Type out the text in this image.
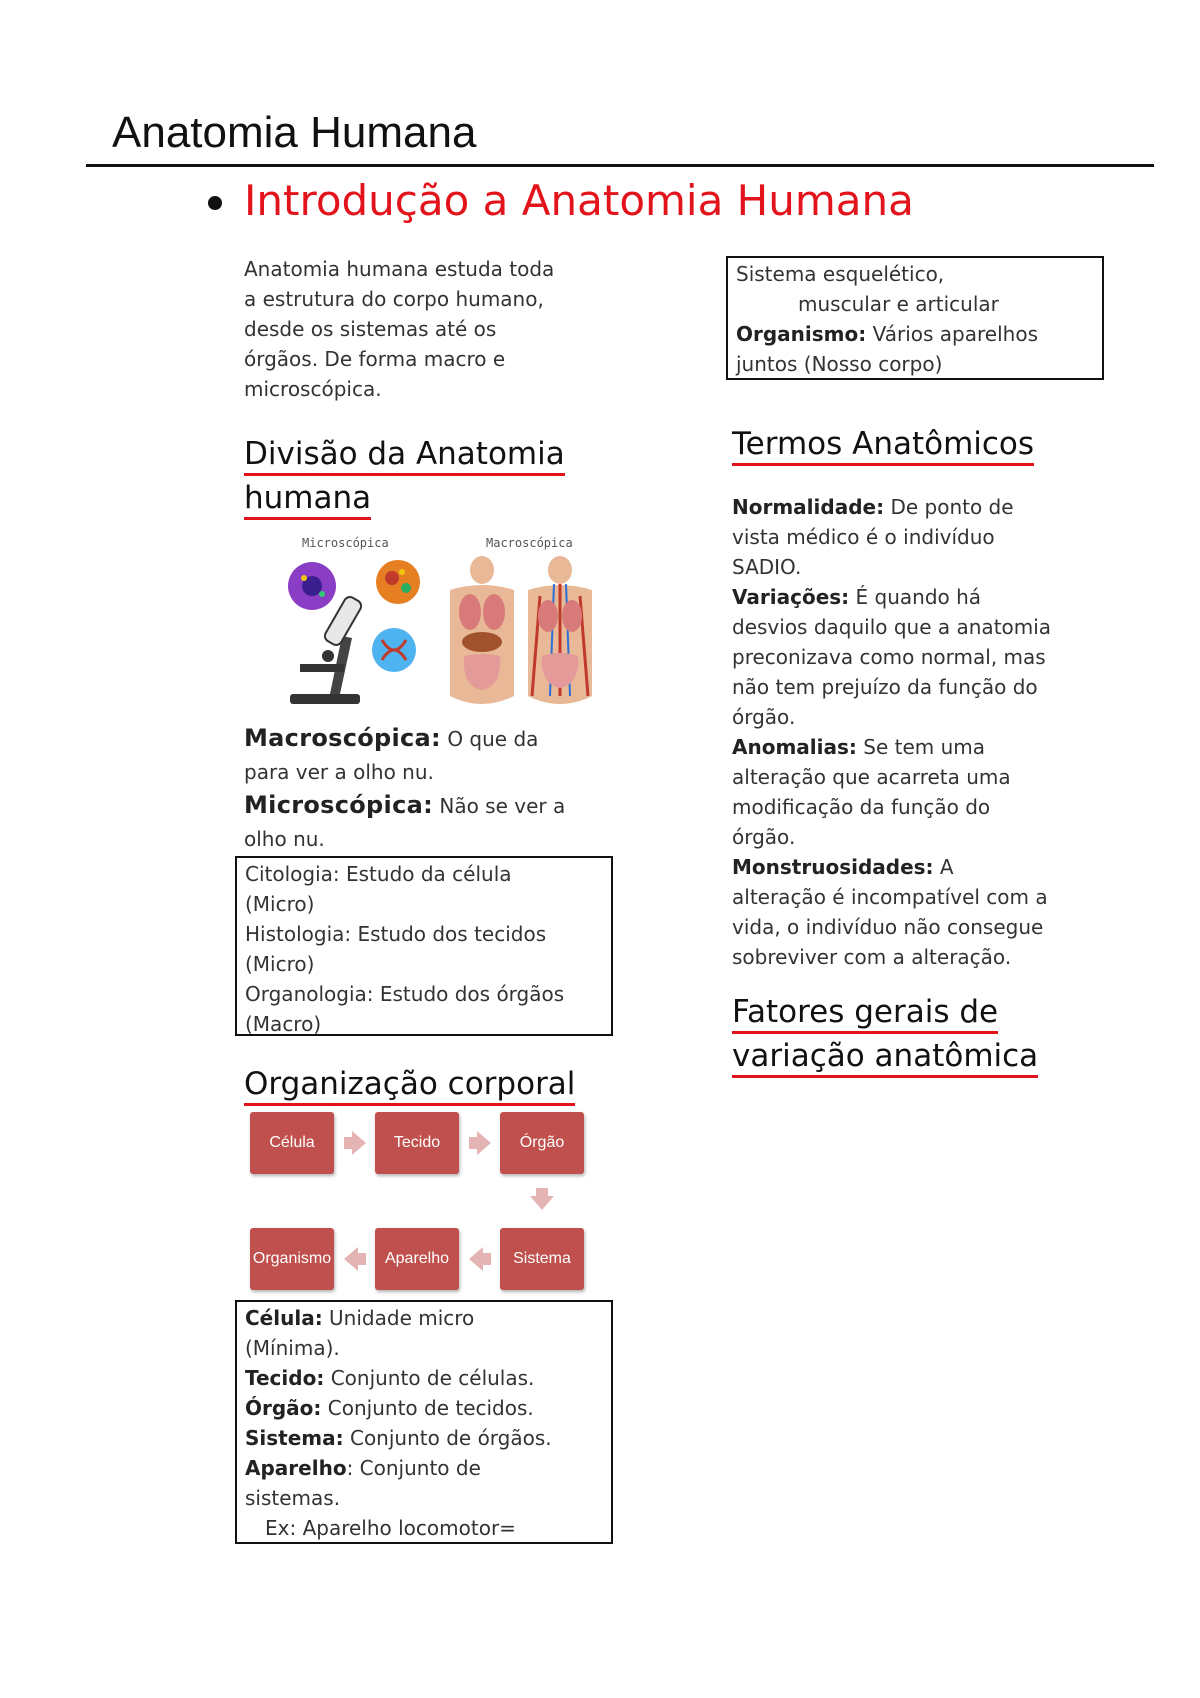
Anatomia Humana
Introdução a Anatomia Humana
Anatomia humana estuda toda
a estrutura do corpo humano,
desde os sistemas até os
órgãos. De forma macro e
microscópica.
Divisão da Anatomia
humana
Microscópica	Macroscópica
Macroscópica: O que da
para ver a olho nu.
Microscópica: Não se ver a
olho nu.
Citologia: Estudo da célula
(Micro)
Histologia: Estudo dos tecidos
(Micro)
Organologia: Estudo dos órgãos
(Macro)
Organização corporal
Célula	Tecido	Órgão
Sistema
Aparelho
Organismo
Célula: Unidade micro
(Mínima).
Tecido: Conjunto de células.
Órgão: Conjunto de tecidos.
Sistema: Conjunto de órgãos.
Aparelho: Conjunto de
sistemas.
Ex: Aparelho locomotor=
Sistema esquelético,
muscular e articular
Organismo: Vários aparelhos
juntos (Nosso corpo)
Termos Anatômicos
Normalidade: De ponto de
vista médico é o indivíduo
SADIO.
Variações: É quando há
desvios daquilo que a anatomia
preconizava como normal, mas
não tem prejuízo da função do
órgão.
Anomalias: Se tem uma
alteração que acarreta uma
modificação da função do
órgão.
Monstruosidades: A
alteração é incompatível com a
vida, o indivíduo não consegue
sobreviver com a alteração.
Fatores gerais de
variação anatômica
